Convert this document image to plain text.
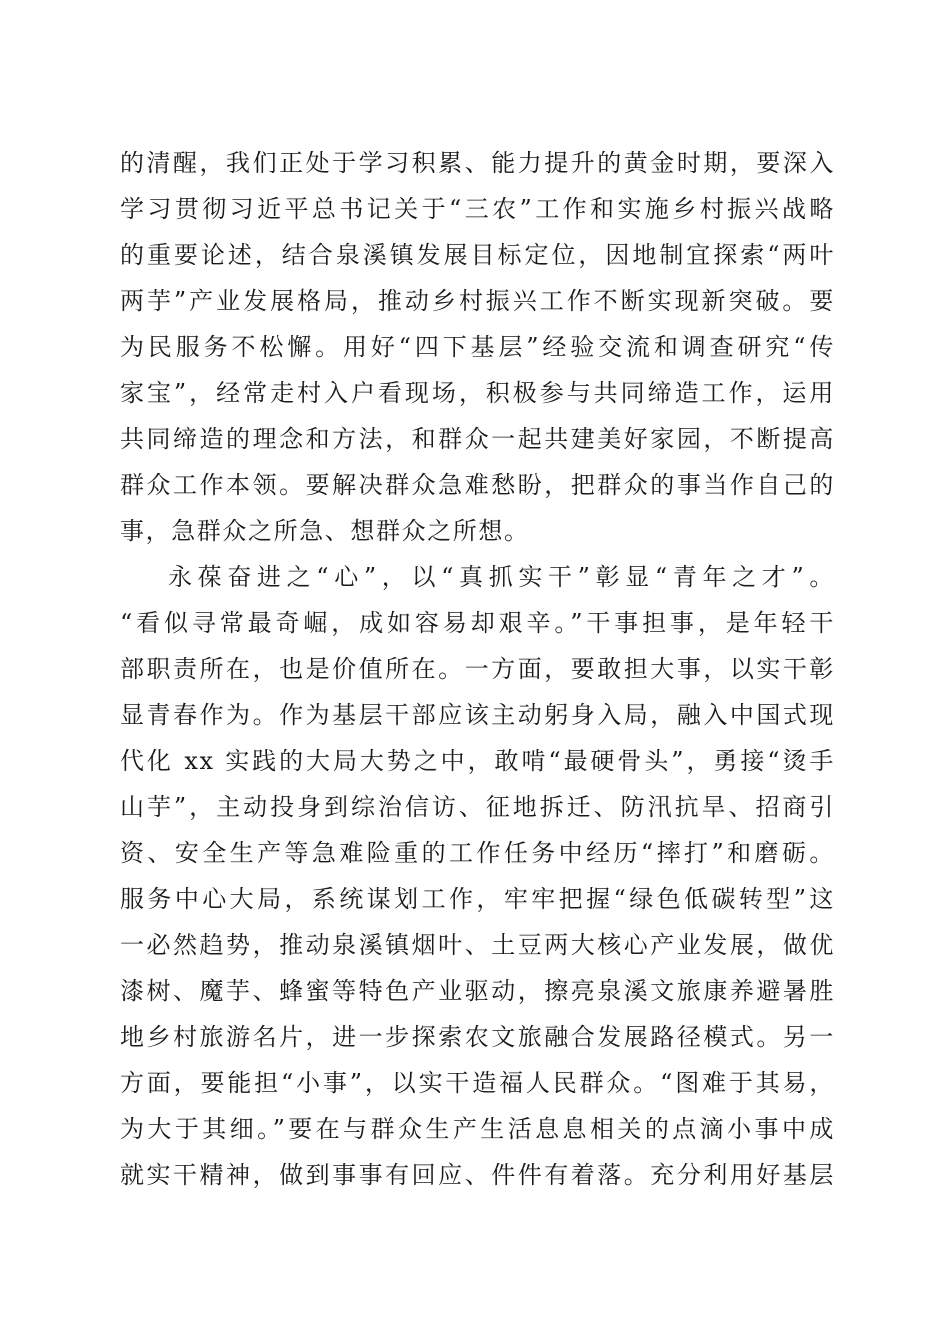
的清醒，我们正处于学习积累、能力提升的黄金时期，要深入
学习贯彻习近平总书记关于“三农”工作和实施乡村振兴战略
的重要论述，结合泉溪镇发展目标定位，因地制宜探索“两叶
两芋”产业发展格局，推动乡村振兴工作不断实现新突破。要
为民服务不松懈。用好“四下基层”经验交流和调查研究“传
家宝”，经常走村入户看现场，积极参与共同缔造工作，运用
共同缔造的理念和方法，和群众一起共建美好家园，不断提高
群众工作本领。要解决群众急难愁盼，把群众的事当作自己的
事，急群众之所急、想群众之所想。
永葆奋进之“心”，以“真抓实干”彰显“青年之才”。
“看似寻常最奇崛，成如容易却艰辛。”干事担事，是年轻干
部职责所在，也是价值所在。一方面，要敢担大事，以实干彰
显青春作为。作为基层干部应该主动躬身入局，融入中国式现
代化 xx 实践的大局大势之中，敢啃“最硬骨头”，勇接“烫手
山芋”，主动投身到综治信访、征地拆迁、防汛抗旱、招商引
资、安全生产等急难险重的工作任务中经历“摔打”和磨砺。
服务中心大局，系统谋划工作，牢牢把握“绿色低碳转型”这
一必然趋势，推动泉溪镇烟叶、土豆两大核心产业发展，做优
漆树、魔芋、蜂蜜等特色产业驱动，擦亮泉溪文旅康养避暑胜
地乡村旅游名片，进一步探索农文旅融合发展路径模式。另一
方面，要能担“小事”，以实干造福人民群众。“图难于其易，
为大于其细。”要在与群众生产生活息息相关的点滴小事中成
就实干精神，做到事事有回应、件件有着落。充分利用好基层
